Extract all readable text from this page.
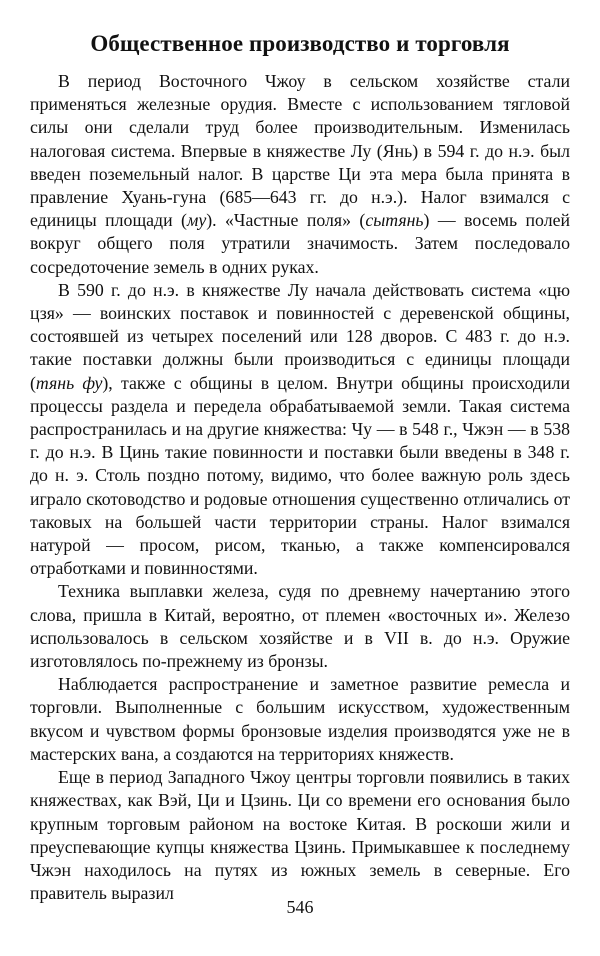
Общественное производство и торговля

В период Восточного Чжоу в сельском хозяйстве стали применяться железные орудия. Вместе с использованием тягловой силы они сделали труд более производительным. Изменилась налоговая система. Впервые в княжестве Лу (Янь) в 594 г. до н.э. был введен поземельный налог. В царстве Ци эта мера была принята в правление Хуань-гуна (685—643 гг. до н.э.). Налог взимался с единицы площади (му). «Частные поля» (сытянь) — восемь полей вокруг общего поля утратили значимость. Затем последовало сосредоточение земель в одних руках.

В 590 г. до н.э. в княжестве Лу начала действовать система «цю цзя» — воинских поставок и повинностей с деревенской общины, состоявшей из четырех поселений или 128 дворов. С 483 г. до н.э. такие поставки должны были производиться с единицы площади (тянь фу), также с общины в целом. Внутри общины происходили процессы раздела и передела обрабатываемой земли. Такая система распространилась и на другие княжества: Чу — в 548 г., Чжэн — в 538 г. до н.э. В Цинь такие повинности и поставки были введены в 348 г. до н. э. Столь поздно потому, видимо, что более важную роль здесь играло скотоводство и родовые отношения существенно отличались от таковых на большей части территории страны. Налог взимался натурой — просом, рисом, тканью, а также компенсировался отработками и повинностями.

Техника выплавки железа, судя по древнему начертанию этого слова, пришла в Китай, вероятно, от племен «восточных и». Железо использовалось в сельском хозяйстве и в VII в. до н.э. Оружие изготовлялось по-прежнему из бронзы.

Наблюдается распространение и заметное развитие ремесла и торговли. Выполненные с большим искусством, художественным вкусом и чувством формы бронзовые изделия производятся уже не в мастерских вана, а создаются на территориях княжеств.

Еще в период Западного Чжоу центры торговли появились в таких княжествах, как Вэй, Ци и Цзинь. Ци со времени его основания было крупным торговым районом на востоке Китая. В роскоши жили и преуспевающие купцы княжества Цзинь. Примыкавшее к последнему Чжэн находилось на путях из южных земель в северные. Его правитель выразил

546
